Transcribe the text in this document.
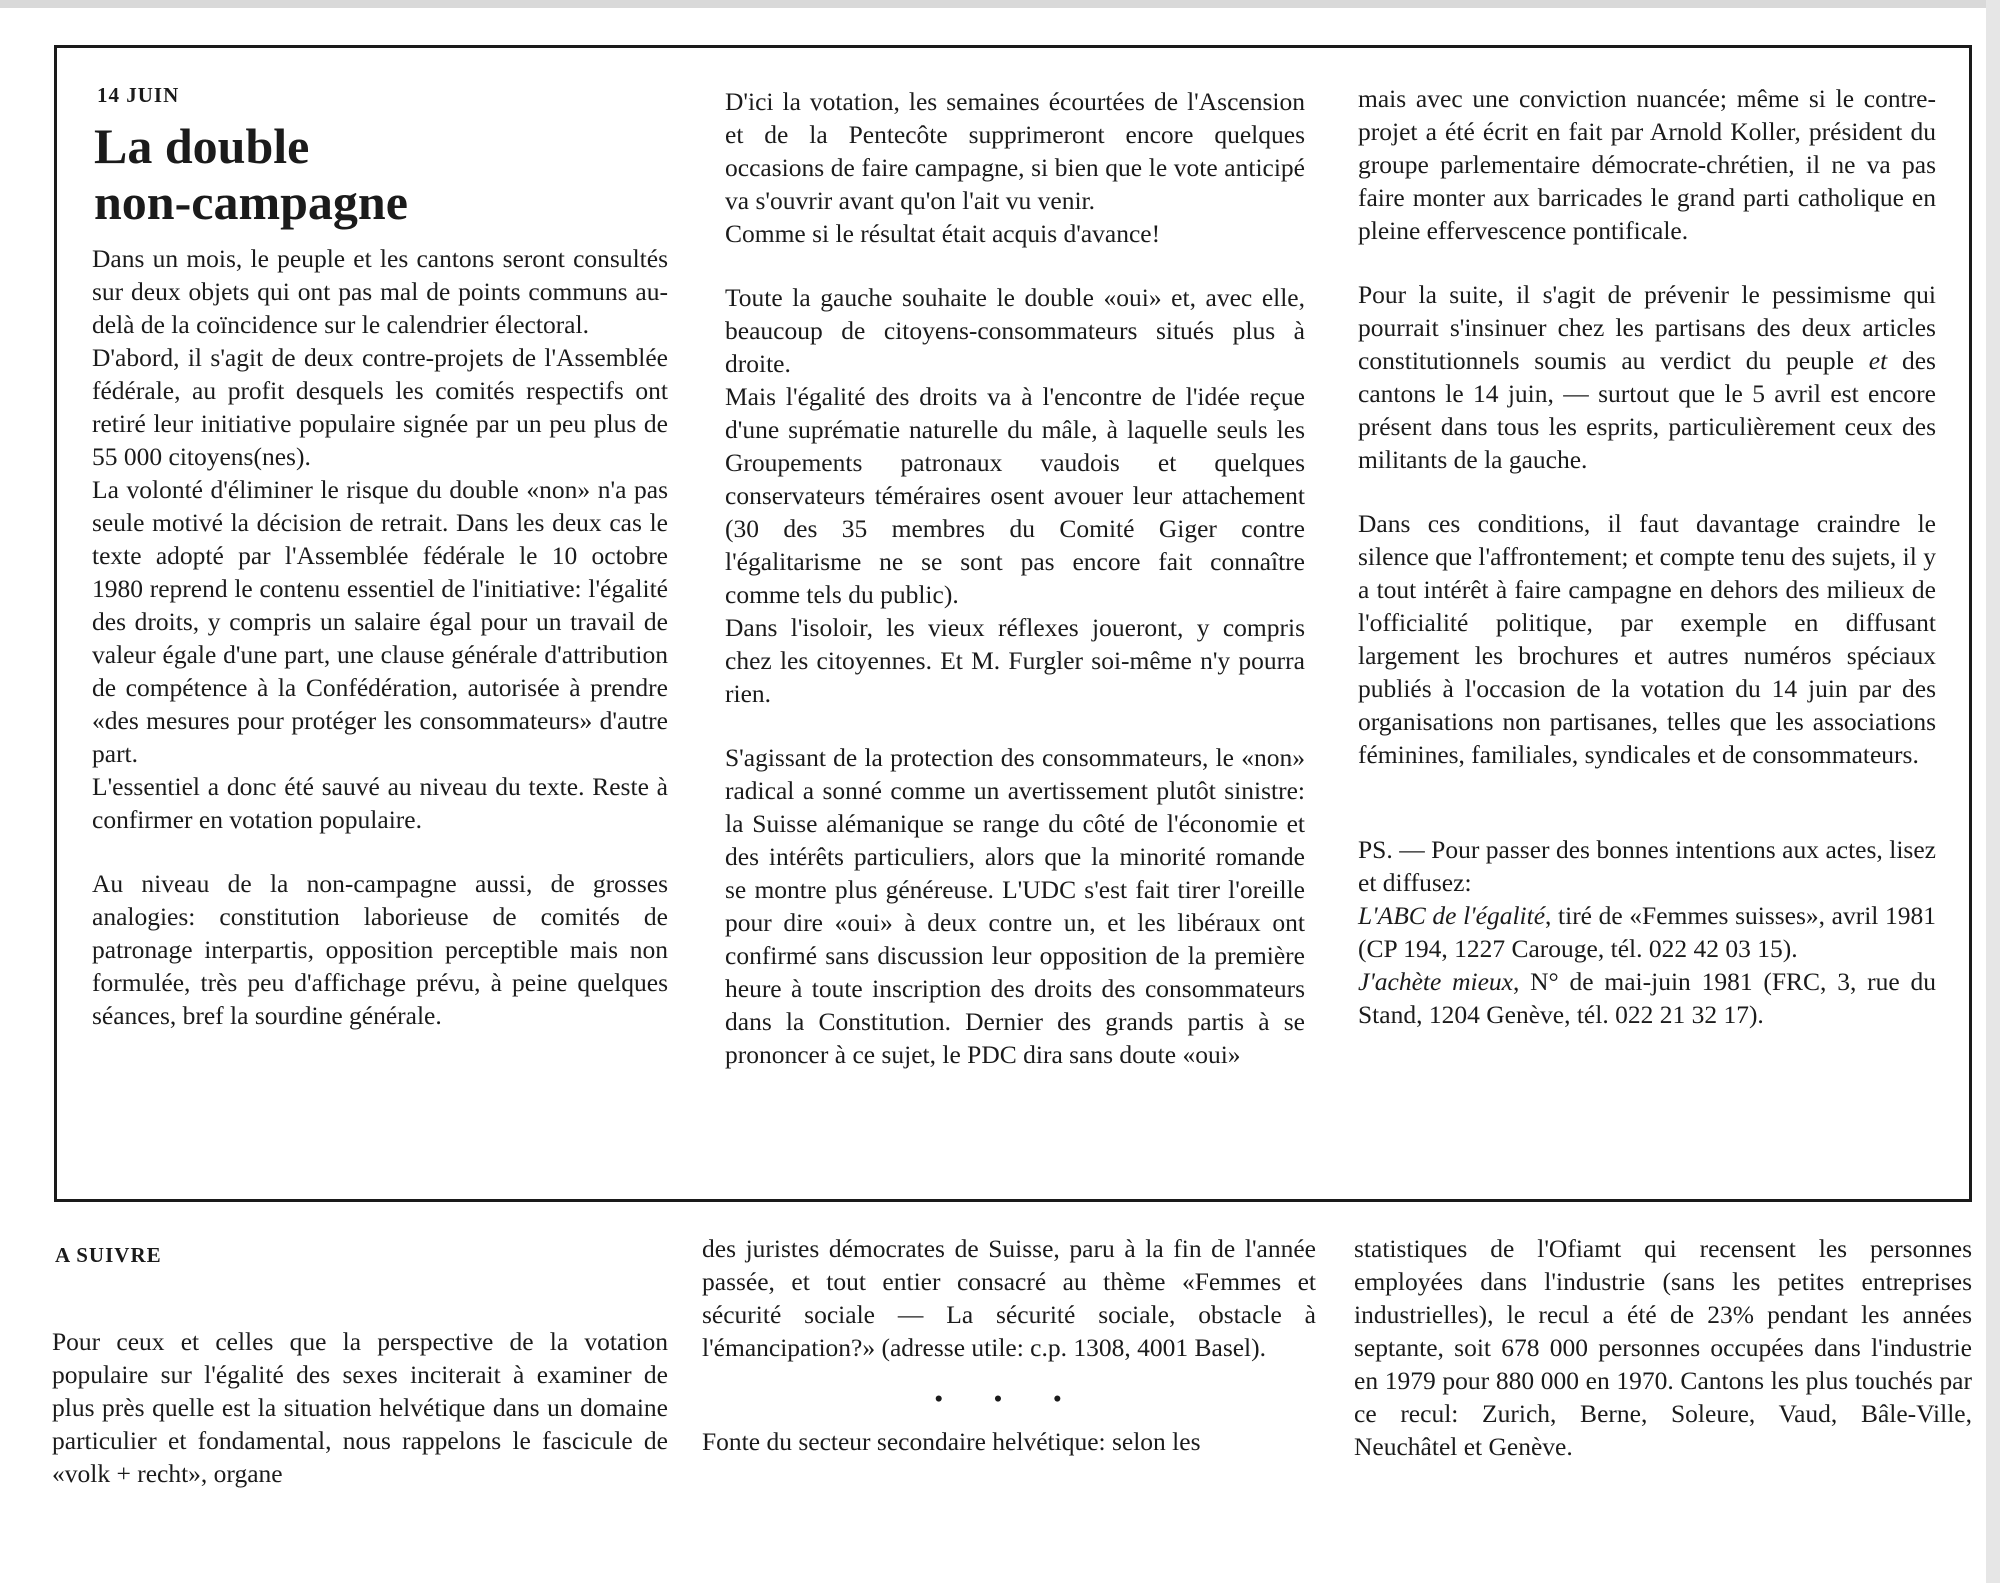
14 JUIN
La double
non-campagne

Dans un mois, le peuple et les cantons seront consultés sur deux objets qui ont pas mal de points communs au-delà de la coïncidence sur le calendrier électoral.

D'abord, il s'agit de deux contre-projets de l'Assemblée fédérale, au profit desquels les comités respectifs ont retiré leur initiative populaire signée par un peu plus de 55 000 citoyens(nes).

La volonté d'éliminer le risque du double «non» n'a pas seule motivé la décision de retrait. Dans les deux cas le texte adopté par l'Assemblée fédérale le 10 octobre 1980 reprend le contenu essentiel de l'initiative: l'égalité des droits, y compris un salaire égal pour un travail de valeur égale d'une part, une clause générale d'attribution de compétence à la Confédération, autorisée à prendre «des mesures pour protéger les consommateurs» d'autre part.

L'essentiel a donc été sauvé au niveau du texte. Reste à confirmer en votation populaire.

Au niveau de la non-campagne aussi, de grosses analogies: constitution laborieuse de comités de patronage interpartis, opposition perceptible mais non formulée, très peu d'affichage prévu, à peine quelques séances, bref la sourdine générale.

D'ici la votation, les semaines écourtées de l'Ascension et de la Pentecôte supprimeront encore quelques occasions de faire campagne, si bien que le vote anticipé va s'ouvrir avant qu'on l'ait vu venir.

Comme si le résultat était acquis d'avance!

Toute la gauche souhaite le double «oui» et, avec elle, beaucoup de citoyens-consommateurs situés plus à droite.

Mais l'égalité des droits va à l'encontre de l'idée reçue d'une suprématie naturelle du mâle, à laquelle seuls les Groupements patronaux vaudois et quelques conservateurs téméraires osent avouer leur attachement (30 des 35 membres du Comité Giger contre l'égalitarisme ne se sont pas encore fait connaître comme tels du public).

Dans l'isoloir, les vieux réflexes joueront, y compris chez les citoyennes. Et M. Furgler soi-même n'y pourra rien.

S'agissant de la protection des consommateurs, le «non» radical a sonné comme un avertissement plutôt sinistre: la Suisse alémanique se range du côté de l'économie et des intérêts particuliers, alors que la minorité romande se montre plus généreuse. L'UDC s'est fait tirer l'oreille pour dire «oui» à deux contre un, et les libéraux ont confirmé sans discussion leur opposition de la première heure à toute inscription des droits des consommateurs dans la Constitution. Dernier des grands partis à se prononcer à ce sujet, le PDC dira sans doute «oui»

mais avec une conviction nuancée; même si le contre-projet a été écrit en fait par Arnold Koller, président du groupe parlementaire démocrate-chrétien, il ne va pas faire monter aux barricades le grand parti catholique en pleine effervescence pontificale.

Pour la suite, il s'agit de prévenir le pessimisme qui pourrait s'insinuer chez les partisans des deux articles constitutionnels soumis au verdict du peuple et des cantons le 14 juin, — surtout que le 5 avril est encore présent dans tous les esprits, particulièrement ceux des militants de la gauche.

Dans ces conditions, il faut davantage craindre le silence que l'affrontement; et compte tenu des sujets, il y a tout intérêt à faire campagne en dehors des milieux de l'officialité politique, par exemple en diffusant largement les brochures et autres numéros spéciaux publiés à l'occasion de la votation du 14 juin par des organisations non partisanes, telles que les associations féminines, familiales, syndicales et de consommateurs.

PS. — Pour passer des bonnes intentions aux actes, lisez et diffusez:

L'ABC de l'égalité, tiré de «Femmes suisses», avril 1981 (CP 194, 1227 Carouge, tél. 022 42 03 15).

J'achète mieux, N° de mai-juin 1981 (FRC, 3, rue du Stand, 1204 Genève, tél. 022 21 32 17).

A SUIVRE

Pour ceux et celles que la perspective de la votation populaire sur l'égalité des sexes inciterait à examiner de plus près quelle est la situation helvétique dans un domaine particulier et fondamental, nous rappelons le fascicule de «volk + recht», organe

des juristes démocrates de Suisse, paru à la fin de l'année passée, et tout entier consacré au thème «Femmes et sécurité sociale — La sécurité sociale, obstacle à l'émancipation?» (adresse utile: c.p. 1308, 4001 Basel).

• • •

Fonte du secteur secondaire helvétique: selon les

statistiques de l'Ofiamt qui recensent les personnes employées dans l'industrie (sans les petites entreprises industrielles), le recul a été de 23% pendant les années septante, soit 678 000 personnes occupées dans l'industrie en 1979 pour 880 000 en 1970. Cantons les plus touchés par ce recul: Zurich, Berne, Soleure, Vaud, Bâle-Ville, Neuchâtel et Genève.
